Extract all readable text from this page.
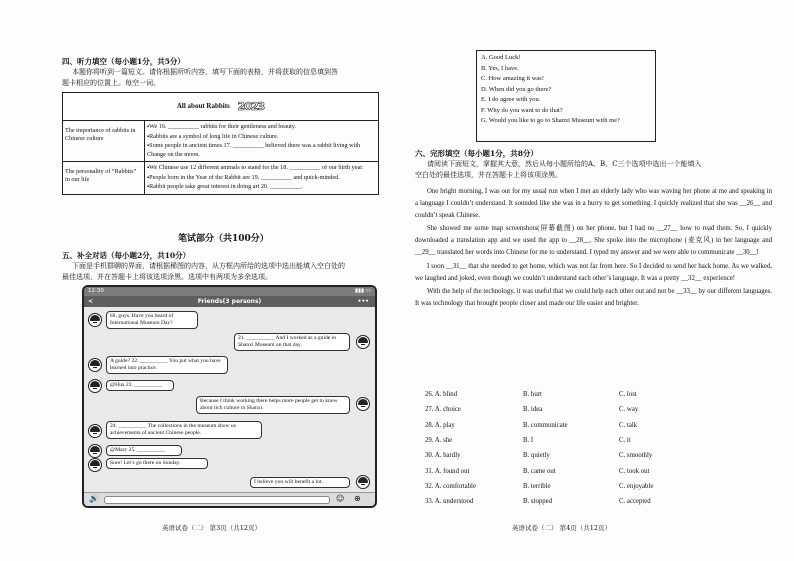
四、听力填空（每小题1分，共5分）
本题你将听到一篇短文。请你根据所听内容，填写下面的表格，并将获取的信息填到答
题卡相应的位置上。每空一词。
All about Rabbits 2023	
The importance of rabbits in Chinese culture	▪ We 16. __________ rabbits for their gentleness and beauty.
▪ Rabbits are a symbol of long life in Chinese culture.
▪ Some people in ancient times 17. __________ believed there was a rabbit living with Change on the moon.

The personality of “Rabbits” in our life	▪ We Chinese use 12 different animals to stand for the 18. __________ of our birth year.
▪ People born in the Year of the Rabbit are 19. __________ and quick-minded.
▪ Rabbit people take great interest in doing art 20. __________.
笔试部分（共100分）
五、补全对话（每小题2分，共10分）
下面是手机群聊的界面，请根据稀图的内容，从方框内所给的选项中选出能填入空白处的
最佳选项，并在答题卡上将该选项涂黑。选项中有两项为多余选项。
12:30	▮▮▮ ▭
<	Friends(3 persons)	•••
Hi, guys. Have you heard of International Museum Day?
21. __________ And I worked as a guide in Shanxi Museum on that day.
A guide? 22. __________ You put what you have learned into practice.
@Hua 23. __________
Because I think working there helps more people get to know about rich culture in Shanxi.
24. __________ The collections in the museum show us achievements of ancient Chinese people.
@Mary 25. __________
Sure! Let’s go there on Sunday.
I believe you will benefit a lot.
🔊	☺ ⊕
英语试卷（二） 第3页（共12页）
A. Good Luck!
B. Yes, I have.
C. How amazing it was!
D. When did you go there?
E. I do agree with you.
F. Why do you want to do that?
G. Would you like to go to Shanxi Museum with me?
六、完形填空（每小题1分，共8分）
请阅读下面短文，掌握其大意，然后从每小题所给的A、B、C三个选项中选出一个能填入
空白处的最佳选项，并在答题卡上将该项涂黑。

One bright morning, I was out for my usual run when I met an elderly lady who was waving her phone at me and speaking in a language I couldn’t understand. It sounded like she was in a hurry to get something. I quickly realized that she was __26__ and couldn’t speak Chinese.

She showed me some map screenshots(屏幕截图) on her phone, but I had no __27__ how to read them. So, I quickly downloaded a translation app and we used the app to __28__. She spoke into the microphone (麦克风) in her language and __29__ translated her words into Chinese for me to understand. I typed my answer and we were able to communicate __30__!

I soon __31__ that she needed to get home, which was not far from here. So I decided to send her back home. As we walked, we laughed and joked, even though we couldn’t understand each other’s language. It was a pretty __32__ experience!

With the help of the technology, it was useful that we could help each other out and not be __33__ by our different languages. It was technology that brought people closer and made our life easier and brighter.

26. A. blind	B. hurt	C. lost
27. A. choice	B. idea	C. way
28. A. play	B. communicate	C. talk
29. A. she	B. I	C. it
30. A. hardly	B. quietly	C. smoothly
31. A. found out	B. came out	C. took out
32. A. comfortable	B. terrible	C. enjoyable
33. A. understood	B. stopped	C. accepted
英语试卷（二） 第4页（共12页）
